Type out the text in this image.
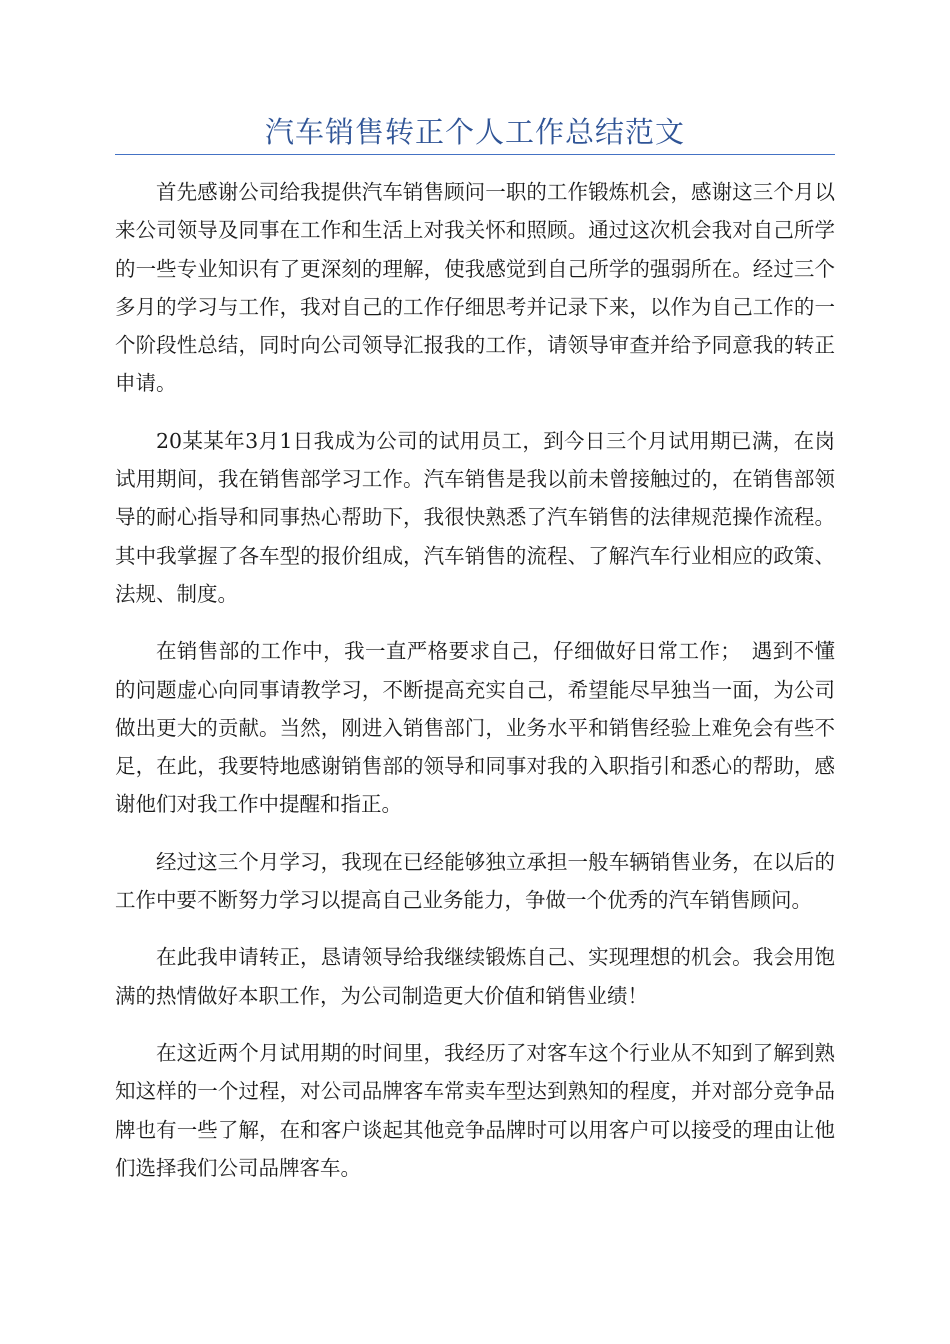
汽车销售转正个人工作总结范文

首先感谢公司给我提供汽车销售顾问一职的工作锻炼机会，感谢这三个月以来公司领导及同事在工作和生活上对我关怀和照顾。通过这次机会我对自己所学的一些专业知识有了更深刻的理解，使我感觉到自己所学的强弱所在。经过三个多月的学习与工作，我对自己的工作仔细思考并记录下来，以作为自己工作的一个阶段性总结，同时向公司领导汇报我的工作，请领导审查并给予同意我的转正申请。

20某某年3月1日我成为公司的试用员工，到今日三个月试用期已满，在岗试用期间，我在销售部学习工作。汽车销售是我以前未曾接触过的，在销售部领导的耐心指导和同事热心帮助下，我很快熟悉了汽车销售的法律规范操作流程。其中我掌握了各车型的报价组成，汽车销售的流程、了解汽车行业相应的政策、法规、制度。

在销售部的工作中，我一直严格要求自己，仔细做好日常工作；　遇到不懂的问题虚心向同事请教学习，不断提高充实自己，希望能尽早独当一面，为公司做出更大的贡献。当然，刚进入销售部门，业务水平和销售经验上难免会有些不足，在此，我要特地感谢销售部的领导和同事对我的入职指引和悉心的帮助，感谢他们对我工作中提醒和指正。

经过这三个月学习，我现在已经能够独立承担一般车辆销售业务，在以后的工作中要不断努力学习以提高自己业务能力，争做一个优秀的汽车销售顾问。

在此我申请转正，恳请领导给我继续锻炼自己、实现理想的机会。我会用饱满的热情做好本职工作，为公司制造更大价值和销售业绩！

在这近两个月试用期的时间里，我经历了对客车这个行业从不知到了解到熟知这样的一个过程，对公司品牌客车常卖车型达到熟知的程度，并对部分竞争品牌也有一些了解，在和客户谈起其他竞争品牌时可以用客户可以接受的理由让他们选择我们公司品牌客车。
